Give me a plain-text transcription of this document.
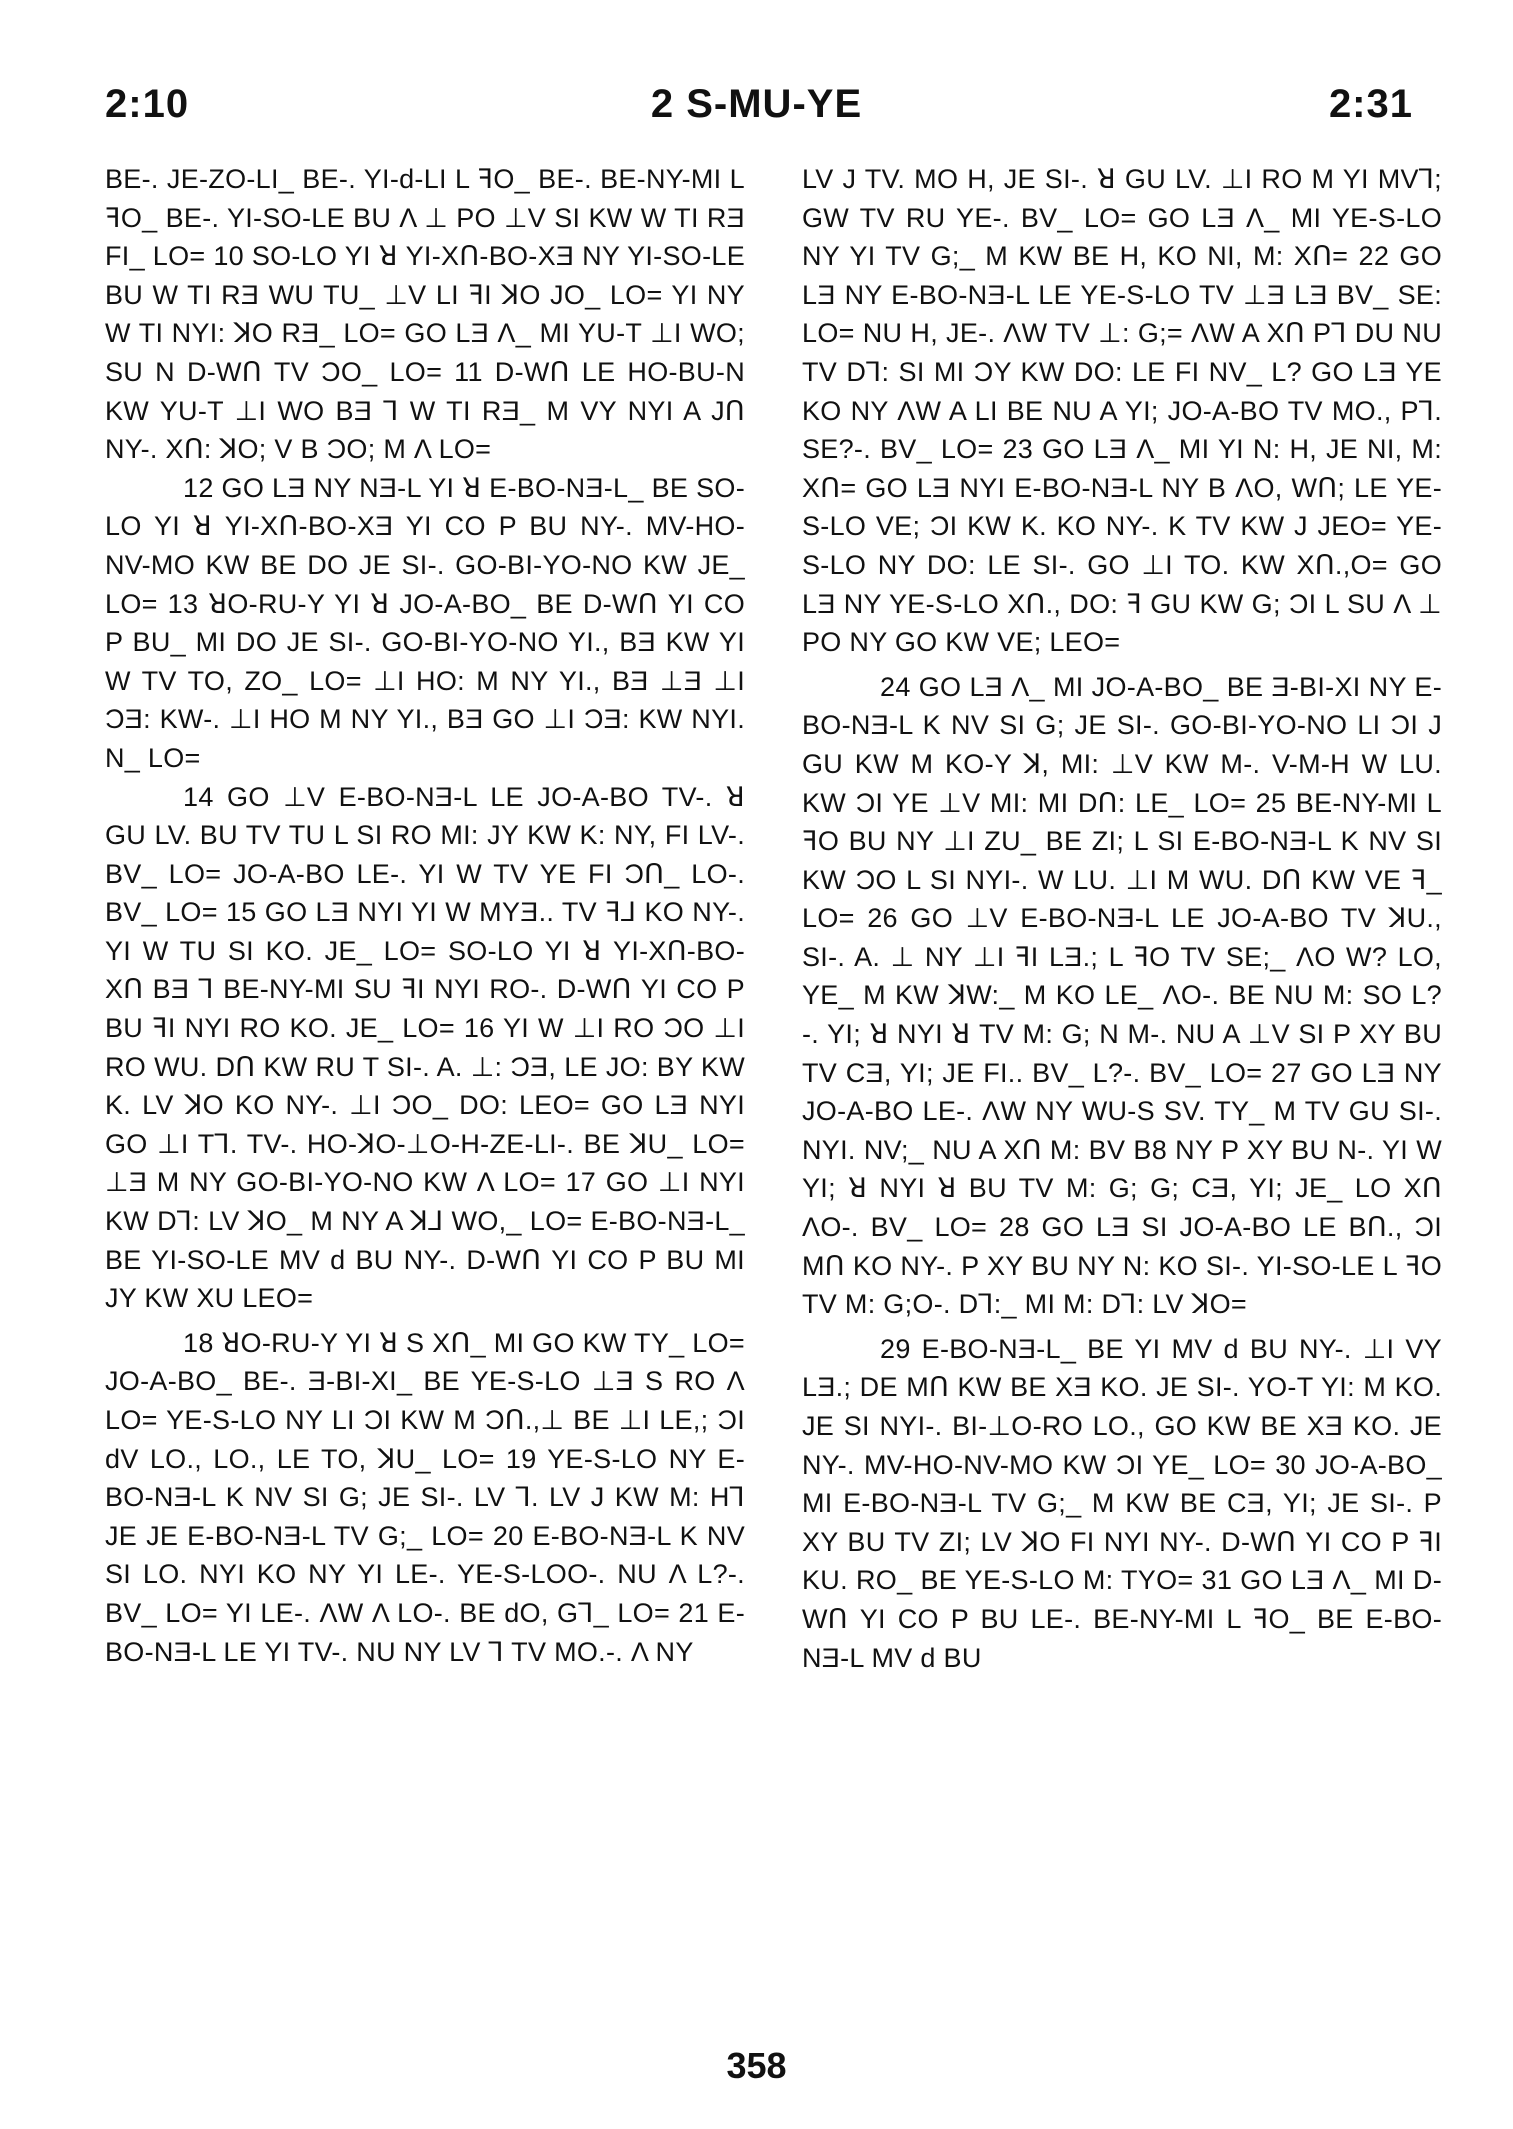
2:10	2 S-MU-YE	2:31

BE-. JE-ZO-LI_ BE-. YI-d-LI L ꟻO_ BE-. BE-NY-MI L ꟻO_ BE-. YI-SO-LE BU Λ ⊥ PO ⊥V SI KW W TI RƎ FI_ LO= 10 SO-LO YI ꓤ YI-XՈ-BO-XƎ NY YI-SO-LE BU W TI RƎ WU TU_ ⊥V LI ꟻI ꓘO JO_ LO= YI NY W TI NYI: ꓘO RƎ_ LO= GO LƎ Λ_ MI YU-T ⊥I WO; SU N D-WՈ TV ƆO_ LO= 11 D-WՈ LE HO-BU-N KW YU-T ⊥I WO BƎ ⅂ W TI RƎ_ M VY NYI A JՈ NY-. XՈ: ꓘO; V B ƆO; M Λ LO=

12 GO LƎ NY NƎ-L YI ꓤ E-BO-NƎ-L_ BE SO-LO YI ꓤ YI-XՈ-BO-XƎ YI CO P BU NY-. MV-HO-NV-MO KW BE DO JE SI-. GO-BI-YO-NO KW JE_ LO= 13 ꓤO-RU-Y YI ꓤ JO-A-BO_ BE D-WՈ YI CO P BU_ MI DO JE SI-. GO-BI-YO-NO YI., BƎ KW YI W TV TO, ZO_ LO= ⊥I HO: M NY YI., BƎ ⊥Ǝ ⊥I ƆƎ: KW-. ⊥I HO M NY YI., BƎ GO ⊥I ƆƎ: KW NYI. N_ LO=

14 GO ⊥V E-BO-NƎ-L LE JO-A-BO TV-. ꓤ GU LV. BU TV TU L SI RO MI: JY KW K: NY, FI LV-. BV_ LO= JO-A-BO LE-. YI W TV YE FI ƆՈ_ LO-. BV_ LO= 15 GO LƎ NYI YI W MYƎ.. TV ꟻ⅃ KO NY-. YI W TU SI KO. JE_ LO= SO-LO YI ꓤ YI-XՈ-BO-XՈ BƎ ⅂ BE-NY-MI SU ꟻI NYI RO-. D-WՈ YI CO P BU ꟻI NYI RO KO. JE_ LO= 16 YI W ⊥I RO ƆO ⊥I RO WU. DՈ KW RU T SI-. A. ⊥: ƆƎ, LE JO: BY KW K. LV ꓘO KO NY-. ⊥I ƆO_ DO: LEO= GO LƎ NYI GO ⊥I T⅂. TV-. HO-ꓘO-⊥O-H-ZE-LI-. BE ꓘU_ LO= ⊥Ǝ M NY GO-BI-YO-NO KW Λ LO= 17 GO ⊥I NYI KW D⅂: LV ꓘO_ M NY A ꓘ⅃ WO,_ LO= E-BO-NƎ-L_ BE YI-SO-LE MV d BU NY-. D-WՈ YI CO P BU MI JY KW XU LEO=

18 ꓤO-RU-Y YI ꓤ S XՈ_ MI GO KW TY_ LO= JO-A-BO_ BE-. Ǝ-BI-XI_ BE YE-S-LO ⊥Ǝ S RO Λ LO= YE-S-LO NY LI ƆI KW M ƆՈ.,⊥ BE ⊥I LE,; ƆI dV LO., LO., LE TO, ꓘU_ LO= 19 YE-S-LO NY E-BO-NƎ-L K NV SI G; JE SI-. LV ⅂. LV J KW M: H⅂ JE JE E-BO-NƎ-L TV G;_ LO= 20 E-BO-NƎ-L K NV SI LO. NYI KO NY YI LE-. YE-S-LOO-. NU Λ L?-. BV_ LO= YI LE-. ΛW Λ LO-. BE dO, G⅂_ LO= 21 E-BO-NƎ-L LE YI TV-. NU NY LV ⅂ TV MO.-. Λ NY

LV J TV. MO H, JE SI-. ꓤ GU LV. ⊥I RO M YI MV⅂; GW TV RU YE-. BV_ LO= GO LƎ Λ_ MI YE-S-LO NY YI TV G;_ M KW BE H, KO NI, M: XՈ= 22 GO LƎ NY E-BO-NƎ-L LE YE-S-LO TV ⊥Ǝ LƎ BV_ SE: LO= NU H, JE-. ΛW TV ⊥: G;= ΛW A XՈ P⅂ DU NU TV D⅂: SI MI ƆY KW DO: LE FI NV_ L? GO LƎ YE KO NY ΛW A LI BE NU A YI; JO-A-BO TV MO., P⅂. SE?-. BV_ LO= 23 GO LƎ Λ_ MI YI N: H, JE NI, M: XՈ= GO LƎ NYI E-BO-NƎ-L NY B ΛO, WՈ; LE YE-S-LO VE; ƆI KW K. KO NY-. K TV KW J JEO= YE-S-LO NY DO: LE SI-. GO ⊥I TO. KW XՈ.,O= GO LƎ NY YE-S-LO XՈ., DO: ꟻ GU KW G; ƆI L SU Λ ⊥ PO NY GO KW VE; LEO=

24 GO LƎ Λ_ MI JO-A-BO_ BE Ǝ-BI-XI NY E-BO-NƎ-L K NV SI G; JE SI-. GO-BI-YO-NO LI ƆI J GU KW M KO-Y ꓘ, MI: ⊥V KW M-. V-M-H W LU. KW ƆI YE ⊥V MI: MI DՈ: LE_ LO= 25 BE-NY-MI L ꟻO BU NY ⊥I ZU_ BE ZI; L SI E-BO-NƎ-L K NV SI KW ƆO L SI NYI-. W LU. ⊥I M WU. DՈ KW VE ꟻ_ LO= 26 GO ⊥V E-BO-NƎ-L LE JO-A-BO TV ꓘU., SI-. A. ⊥ NY ⊥I ꟻI LƎ.; L ꟻO TV SE;_ ΛO W? LO, YE_ M KW ꓘW:_ M KO LE_ ΛO-. BE NU M: SO L?-. YI; ꓤ NYI ꓤ TV M: G; N M-. NU A ⊥V SI P XY BU TV CƎ, YI; JE FI.. BV_ L?-. BV_ LO= 27 GO LƎ NY JO-A-BO LE-. ΛW NY WU-S SV. TY_ M TV GU SI-. NYI. NV;_ NU A XՈ M: BV B8 NY P XY BU N-. YI W YI; ꓤ NYI ꓤ BU TV M: G; G; CƎ, YI; JE_ LO XՈ ΛO-. BV_ LO= 28 GO LƎ SI JO-A-BO LE BՈ., ƆI MՈ KO NY-. P XY BU NY N: KO SI-. YI-SO-LE L ꟻO TV M: G;O-. D⅂:_ MI M: D⅂: LV ꓘO=

29 E-BO-NƎ-L_ BE YI MV d BU NY-. ⊥I VY LƎ.; DE MՈ KW BE XƎ KO. JE SI-. YO-T YI: M KO. JE SI NYI-. BI-⊥O-RO LO., GO KW BE XƎ KO. JE NY-. MV-HO-NV-MO KW ƆI YE_ LO= 30 JO-A-BO_ MI E-BO-NƎ-L TV G;_ M KW BE CƎ, YI; JE SI-. P XY BU TV ZI; LV ꓘO FI NYI NY-. D-WՈ YI CO P ꟻI KU. RO_ BE YE-S-LO M: TYO= 31 GO LƎ Λ_ MI D-WՈ YI CO P BU LE-. BE-NY-MI L ꟻO_ BE E-BO-NƎ-L MV d BU

358
